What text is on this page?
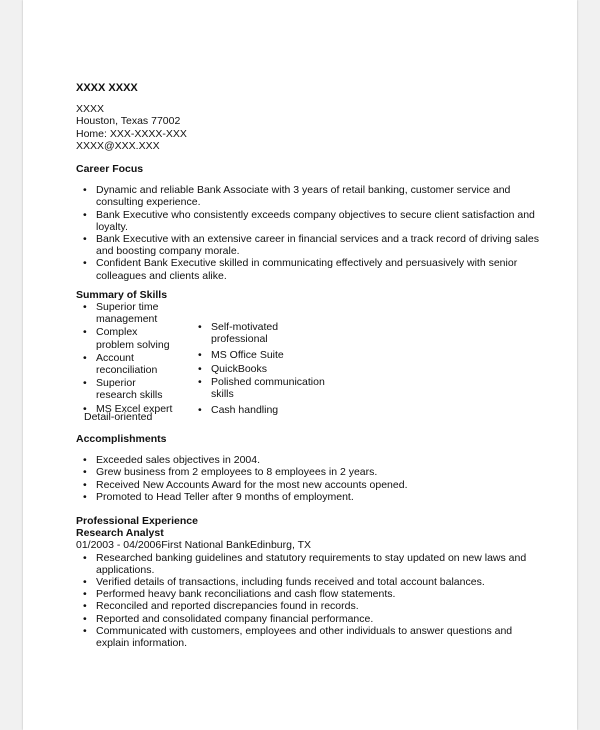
XXXX XXXX
XXXX
Houston, Texas 77002
Home: XXX-XXXX-XXX
XXXX@XXX.XXX
Career Focus
• Dynamic and reliable Bank Associate with 3 years of retail banking, customer service and consulting experience.
• Bank Executive who consistently exceeds company objectives to secure client satisfaction and loyalty.
• Bank Executive with an extensive career in financial services and a track record of driving sales and boosting company morale.
• Confident Bank Executive skilled in communicating effectively and persuasively with senior colleagues and clients alike.
Summary of Skills
• Superior time management
• Complex problem solving
• Account reconciliation
• Superior research skills
• MS Excel expert
Detail-oriented
• Self-motivated professional
• MS Office Suite
• QuickBooks
• Polished communication skills
• Cash handling
Accomplishments
• Exceeded sales objectives in 2004.
• Grew business from 2 employees to 8 employees in 2 years.
• Received New Accounts Award for the most new accounts opened.
• Promoted to Head Teller after 9 months of employment.
Professional Experience
Research Analyst
01/2003 - 04/2006First National BankEdinburg, TX
• Researched banking guidelines and statutory requirements to stay updated on new laws and applications.
• Verified details of transactions, including funds received and total account balances.
• Performed heavy bank reconciliations and cash flow statements.
• Reconciled and reported discrepancies found in records.
• Reported and consolidated company financial performance.
• Communicated with customers, employees and other individuals to answer questions and explain information.
